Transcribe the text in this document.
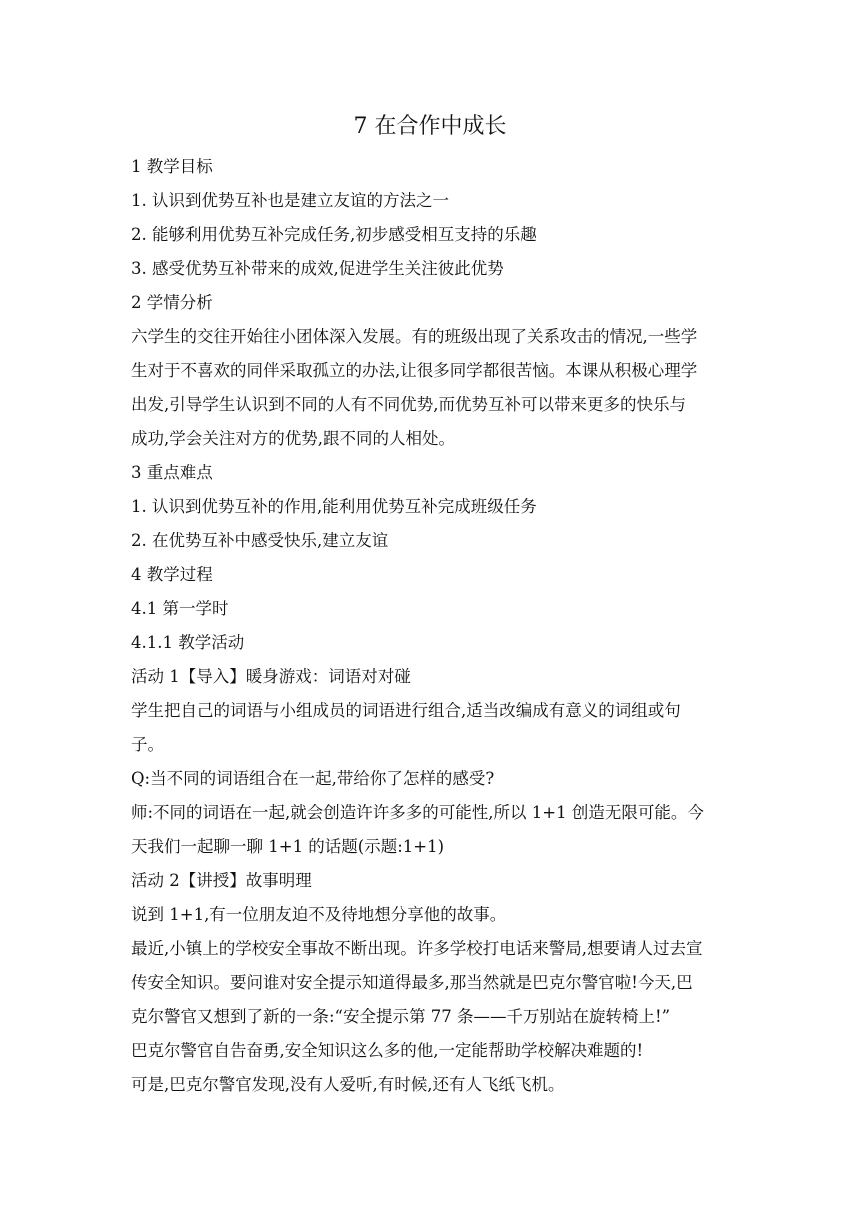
7 在合作中成长
1 教学目标
1. 认识到优势互补也是建立友谊的方法之一
2. 能够利用优势互补完成任务,初步感受相互支持的乐趣
3. 感受优势互补带来的成效,促进学生关注彼此优势
2 学情分析
六学生的交往开始往小团体深入发展。有的班级出现了关系攻击的情况,一些学
生对于不喜欢的同伴采取孤立的办法,让很多同学都很苦恼。本课从积极心理学
出发,引导学生认识到不同的人有不同优势,而优势互补可以带来更多的快乐与
成功,学会关注对方的优势,跟不同的人相处。
3 重点难点
1. 认识到优势互补的作用,能利用优势互补完成班级任务
2. 在优势互补中感受快乐,建立友谊
4 教学过程
4.1 第一学时
4.1.1 教学活动
活动 1【导入】暖身游戏：词语对对碰
学生把自己的词语与小组成员的词语进行组合,适当改编成有意义的词组或句
子。
Q:当不同的词语组合在一起,带给你了怎样的感受?
师:不同的词语在一起,就会创造许许多多的可能性,所以 1+1 创造无限可能。今
天我们一起聊一聊 1+1 的话题(示题:1+1)
活动 2【讲授】故事明理
说到 1+1,有一位朋友迫不及待地想分享他的故事。
最近,小镇上的学校安全事故不断出现。许多学校打电话来警局,想要请人过去宣
传安全知识。要问谁对安全提示知道得最多,那当然就是巴克尔警官啦!今天,巴
克尔警官又想到了新的一条:“安全提示第 77 条——千万别站在旋转椅上!”
巴克尔警官自告奋勇,安全知识这么多的他,一定能帮助学校解决难题的!
可是,巴克尔警官发现,没有人爱听,有时候,还有人飞纸飞机。
